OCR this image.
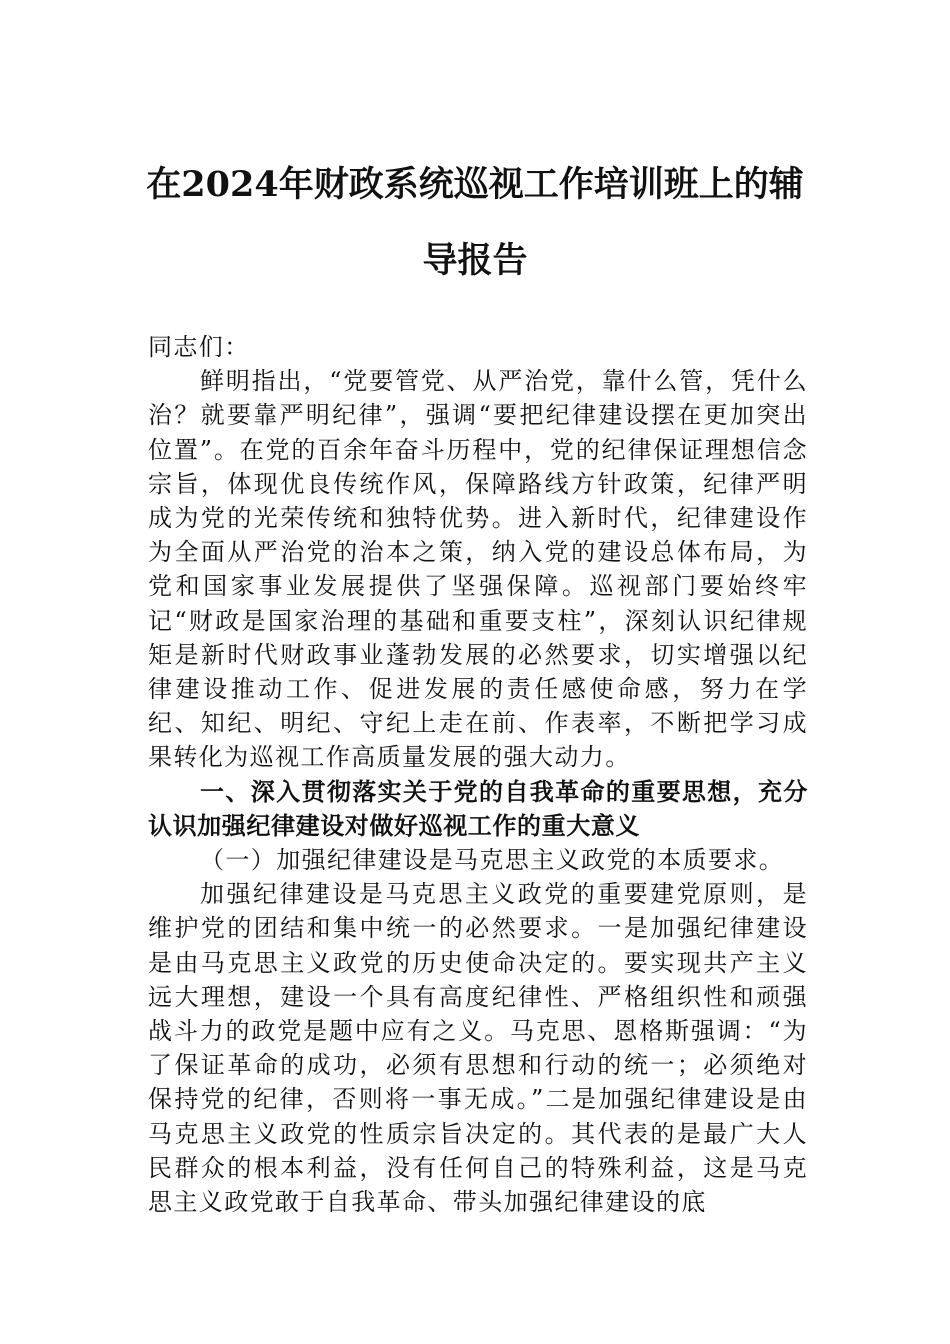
在2024年财政系统巡视工作培训班上的辅
导报告

同志们：

鲜明指出，“党要管党、从严治党，靠什么管，凭什么治？就要靠严明纪律”，强调“要把纪律建设摆在更加突出位置”。在党的百余年奋斗历程中，党的纪律保证理想信念宗旨，体现优良传统作风，保障路线方针政策，纪律严明成为党的光荣传统和独特优势。进入新时代，纪律建设作为全面从严治党的治本之策，纳入党的建设总体布局，为党和国家事业发展提供了坚强保障。巡视部门要始终牢记“财政是国家治理的基础和重要支柱”，深刻认识纪律规矩是新时代财政事业蓬勃发展的必然要求，切实增强以纪律建设推动工作、促进发展的责任感使命感，努力在学纪、知纪、明纪、守纪上走在前、作表率，不断把学习成果转化为巡视工作高质量发展的强大动力。

一、深入贯彻落实关于党的自我革命的重要思想，充分认识加强纪律建设对做好巡视工作的重大意义

（一）加强纪律建设是马克思主义政党的本质要求。

加强纪律建设是马克思主义政党的重要建党原则，是维护党的团结和集中统一的必然要求。一是加强纪律建设是由马克思主义政党的历史使命决定的。要实现共产主义远大理想，建设一个具有高度纪律性、严格组织性和顽强战斗力的政党是题中应有之义。马克思、恩格斯强调：“为了保证革命的成功，必须有思想和行动的统一；必须绝对保持党的纪律，否则将一事无成。”二是加强纪律建设是由马克思主义政党的性质宗旨决定的。其代表的是最广大人民群众的根本利益，没有任何自己的特殊利益，这是马克思主义政党敢于自我革命、带头加强纪律建设的底
